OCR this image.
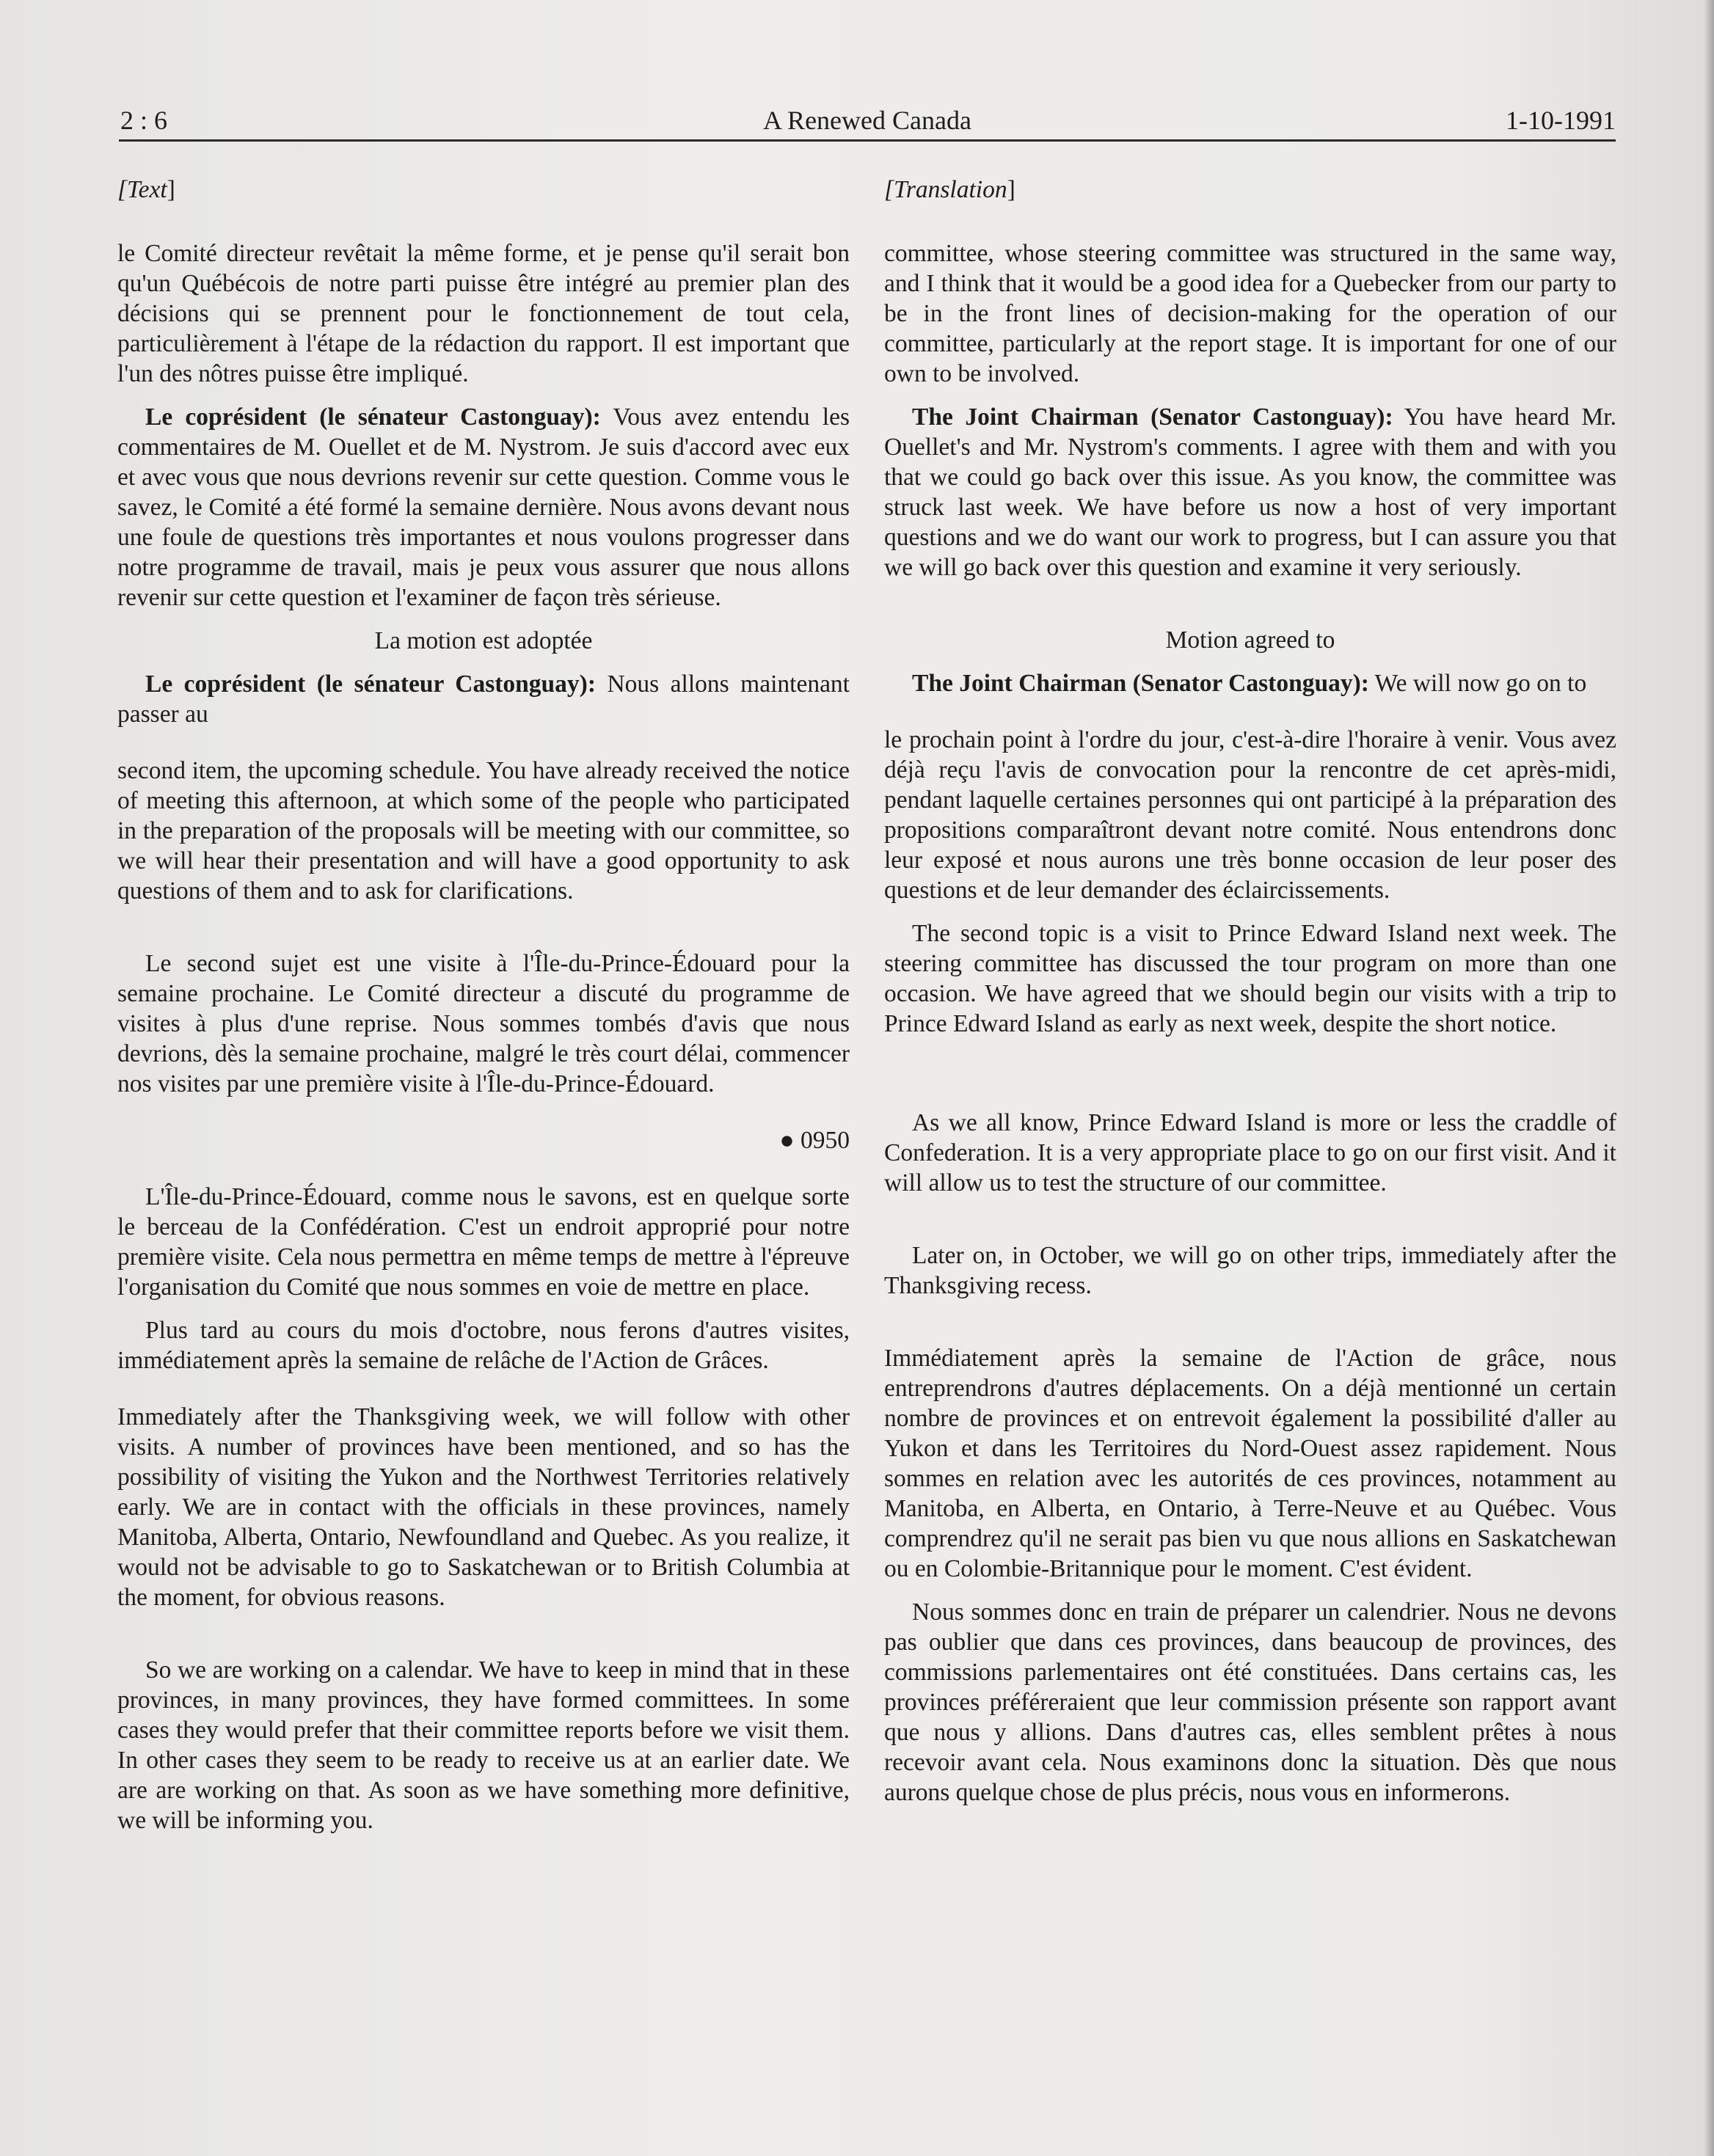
2 : 6	A Renewed Canada	1-10-1991

[Text]

le Comité directeur revêtait la même forme, et je pense qu'il serait bon qu'un Québécois de notre parti puisse être intégré au premier plan des décisions qui se prennent pour le fonctionnement de tout cela, particulièrement à l'étape de la rédaction du rapport. Il est important que l'un des nôtres puisse être impliqué.

Le coprésident (le sénateur Castonguay): Vous avez entendu les commentaires de M. Ouellet et de M. Nystrom. Je suis d'accord avec eux et avec vous que nous devrions revenir sur cette question. Comme vous le savez, le Comité a été formé la semaine dernière. Nous avons devant nous une foule de questions très importantes et nous voulons progresser dans notre programme de travail, mais je peux vous assurer que nous allons revenir sur cette question et l'examiner de façon très sérieuse.

La motion est adoptée

Le coprésident (le sénateur Castonguay): Nous allons maintenant passer au

second item, the upcoming schedule. You have already received the notice of meeting this afternoon, at which some of the people who participated in the preparation of the proposals will be meeting with our committee, so we will hear their presentation and will have a good opportunity to ask questions of them and to ask for clarifications.

Le second sujet est une visite à l'Île-du-Prince-Édouard pour la semaine prochaine. Le Comité directeur a discuté du programme de visites à plus d'une reprise. Nous sommes tombés d'avis que nous devrions, dès la semaine prochaine, malgré le très court délai, commencer nos visites par une première visite à l'Île-du-Prince-Édouard.

● 0950

L'Île-du-Prince-Édouard, comme nous le savons, est en quelque sorte le berceau de la Confédération. C'est un endroit approprié pour notre première visite. Cela nous permettra en même temps de mettre à l'épreuve l'organisation du Comité que nous sommes en voie de mettre en place.

Plus tard au cours du mois d'octobre, nous ferons d'autres visites, immédiatement après la semaine de relâche de l'Action de Grâces.

Immediately after the Thanksgiving week, we will follow with other visits. A number of provinces have been mentioned, and so has the possibility of visiting the Yukon and the Northwest Territories relatively early. We are in contact with the officials in these provinces, namely Manitoba, Alberta, Ontario, Newfoundland and Quebec. As you realize, it would not be advisable to go to Saskatchewan or to British Columbia at the moment, for obvious reasons.

So we are working on a calendar. We have to keep in mind that in these provinces, in many provinces, they have formed committees. In some cases they would prefer that their committee reports before we visit them. In other cases they seem to be ready to receive us at an earlier date. We are are working on that. As soon as we have something more definitive, we will be informing you.

[Translation]

committee, whose steering committee was structured in the same way, and I think that it would be a good idea for a Quebecker from our party to be in the front lines of decision-making for the operation of our committee, particularly at the report stage. It is important for one of our own to be involved.

The Joint Chairman (Senator Castonguay): You have heard Mr. Ouellet's and Mr. Nystrom's comments. I agree with them and with you that we could go back over this issue. As you know, the committee was struck last week. We have before us now a host of very important questions and we do want our work to progress, but I can assure you that we will go back over this question and examine it very seriously.

Motion agreed to

The Joint Chairman (Senator Castonguay): We will now go on to

le prochain point à l'ordre du jour, c'est-à-dire l'horaire à venir. Vous avez déjà reçu l'avis de convocation pour la rencontre de cet après-midi, pendant laquelle certaines personnes qui ont participé à la préparation des propositions comparaîtront devant notre comité. Nous entendrons donc leur exposé et nous aurons une très bonne occasion de leur poser des questions et de leur demander des éclaircissements.

The second topic is a visit to Prince Edward Island next week. The steering committee has discussed the tour program on more than one occasion. We have agreed that we should begin our visits with a trip to Prince Edward Island as early as next week, despite the short notice.

As we all know, Prince Edward Island is more or less the craddle of Confederation. It is a very appropriate place to go on our first visit. And it will allow us to test the structure of our committee.

Later on, in October, we will go on other trips, immediately after the Thanksgiving recess.

Immédiatement après la semaine de l'Action de grâce, nous entreprendrons d'autres déplacements. On a déjà mentionné un certain nombre de provinces et on entrevoit également la possibilité d'aller au Yukon et dans les Territoires du Nord-Ouest assez rapidement. Nous sommes en relation avec les autorités de ces provinces, notamment au Manitoba, en Alberta, en Ontario, à Terre-Neuve et au Québec. Vous comprendrez qu'il ne serait pas bien vu que nous allions en Saskatchewan ou en Colombie-Britannique pour le moment. C'est évident.

Nous sommes donc en train de préparer un calendrier. Nous ne devons pas oublier que dans ces provinces, dans beaucoup de provinces, des commissions parlementaires ont été constituées. Dans certains cas, les provinces préféreraient que leur commission présente son rapport avant que nous y allions. Dans d'autres cas, elles semblent prêtes à nous recevoir avant cela. Nous examinons donc la situation. Dès que nous aurons quelque chose de plus précis, nous vous en informerons.
